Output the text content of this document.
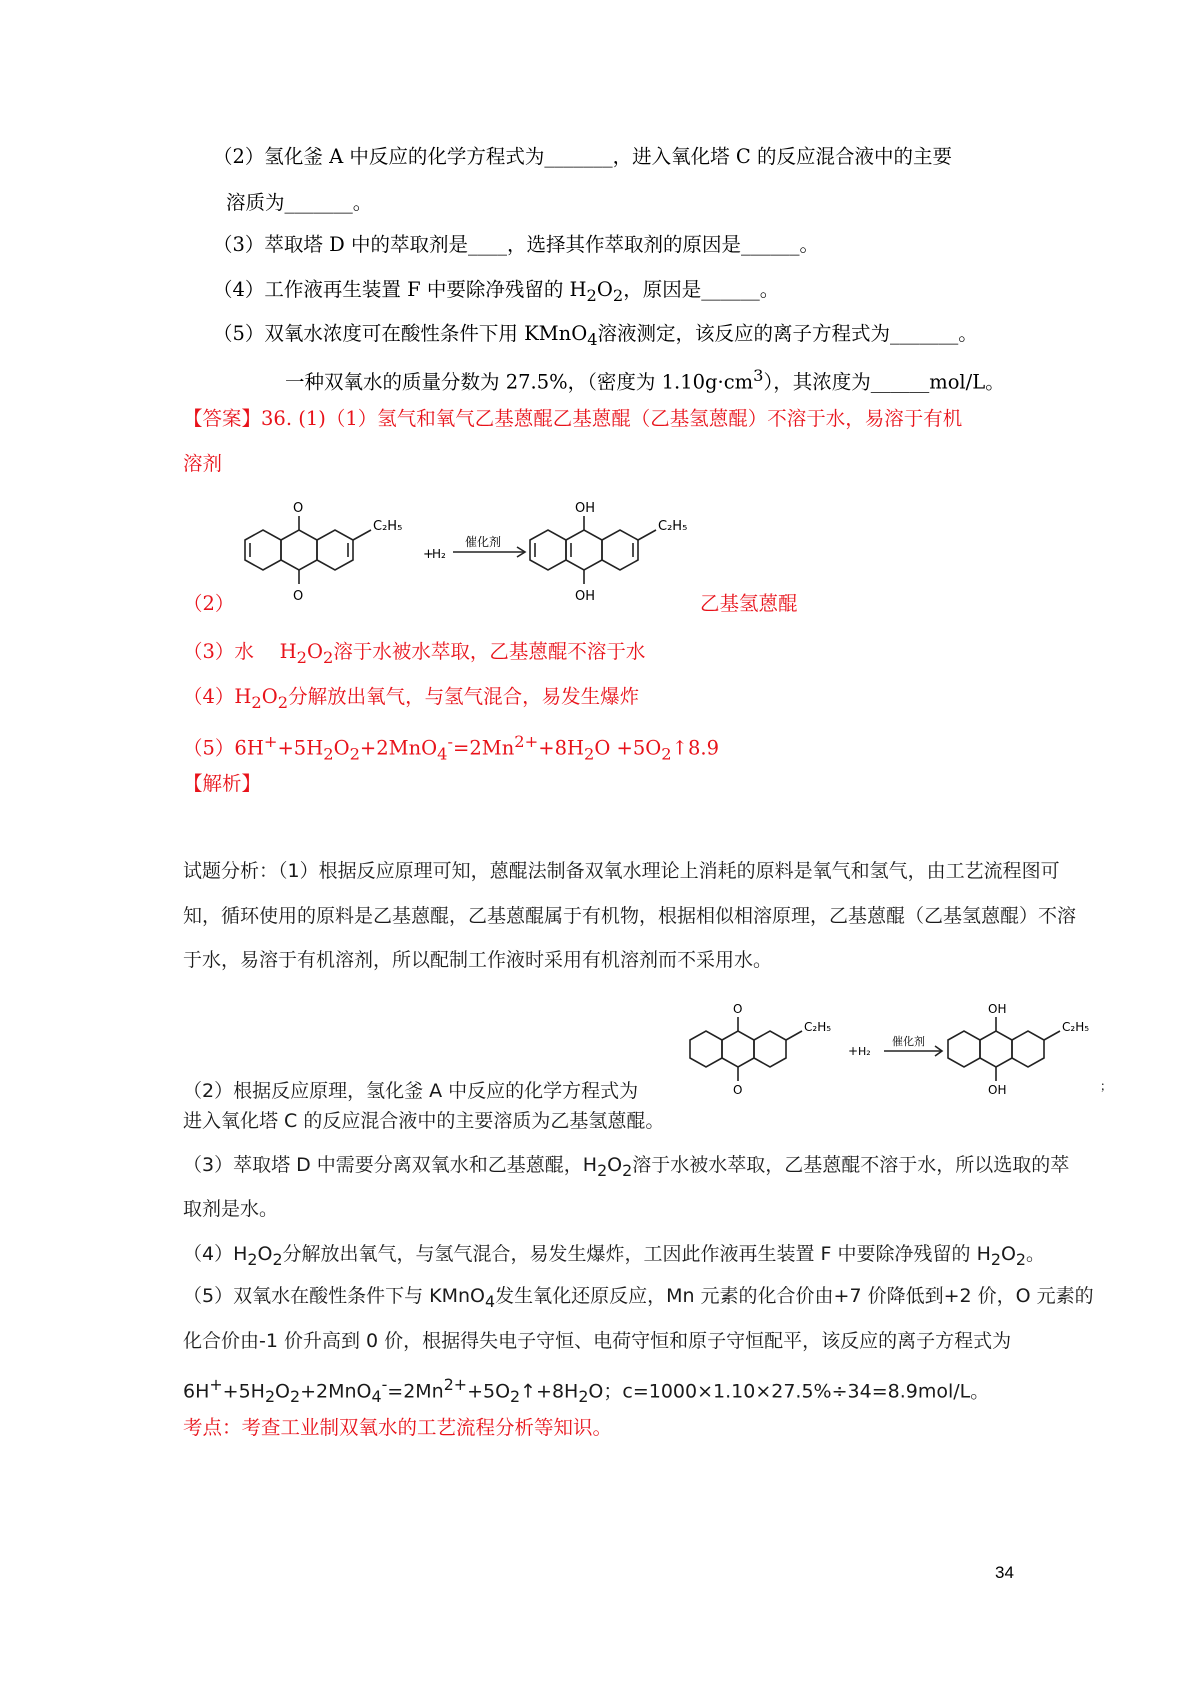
（2）氢化釜 A 中反应的化学方程式为_______，进入氧化塔 C 的反应混合液中的主要
溶质为_______。
（3）萃取塔 D 中的萃取剂是____，选择其作萃取剂的原因是______。
（4）工作液再生装置 F 中要除净残留的 $H_2O_2$，原因是______。
（5）双氧水浓度可在酸性条件下用 KMnO$_4$溶液测定，该反应的离子方程式为_______。
一种双氧水的质量分数为 27.5%，（密度为 $1.10g\cdot cm^3$），其浓度为______mol/L。
【答案】36. (1)（1）氢气和氧气乙基蒽醌乙基蒽醌（乙基氢蒽醌）不溶于水，易溶于有机
溶剂
O
O
C₂H₅
+
H₂
催化剂
OH
OH
C₂H₅
（2）	乙基氢蒽醌
（3）水　 $H_2O_2$溶于水被水萃取，乙基蒽醌不溶于水
$(4)H_2O_2$分解放出氧气，与氢气混合，易发生爆炸
$(5)6H^++5H_2O_2+2MnO_4^-=2Mn^{2+}+8H_2O$ $+5O_2↑8.9$
【解析】
试题分析：（1）根据反应原理可知，蒽醌法制备双氧水理论上消耗的原料是氧气和氢气，由工艺流程图可
知，循环使用的原料是乙基蒽醌，乙基蒽醌属于有机物，根据相似相溶原理，乙基蒽醌（乙基氢蒽醌）不溶
于水，易溶于有机溶剂，所以配制工作液时采用有机溶剂而不采用水。
O
O
C₂H₅
+ H₂
催化剂
OH
OH
C₂H₅
；
（2）根据反应原理，氢化釜 A 中反应的化学方程式为
进入氧化塔 C 的反应混合液中的主要溶质为乙基氢蒽醌。
（3）萃取塔 D 中需要分离双氧水和乙基蒽醌，$H_2O_2$溶于水被水萃取，乙基蒽醌不溶于水，所以选取的萃
取剂是水。
$(4)H_2O_2$分解放出氧气，与氢气混合，易发生爆炸，工因此作液再生装置 F 中要除净残留的 $H_2O_2$。
（5）双氧水在酸性条件下与 KMnO$_4$发生氧化还原反应，Mn 元素的化合价由+7 价降低到+2 价，O 元素的
化合价由-1 价升高到 0 价，根据得失电子守恒、电荷守恒和原子守恒配平，该反应的离子方程式为
$6H^++5H_2O_2+2MnO_4^-=2Mn^{2+}+5O_2↑+8H_2O$；c=1000×1.10×27.5%÷34=8.9mol/L。
考点：考查工业制双氧水的工艺流程分析等知识。
34
